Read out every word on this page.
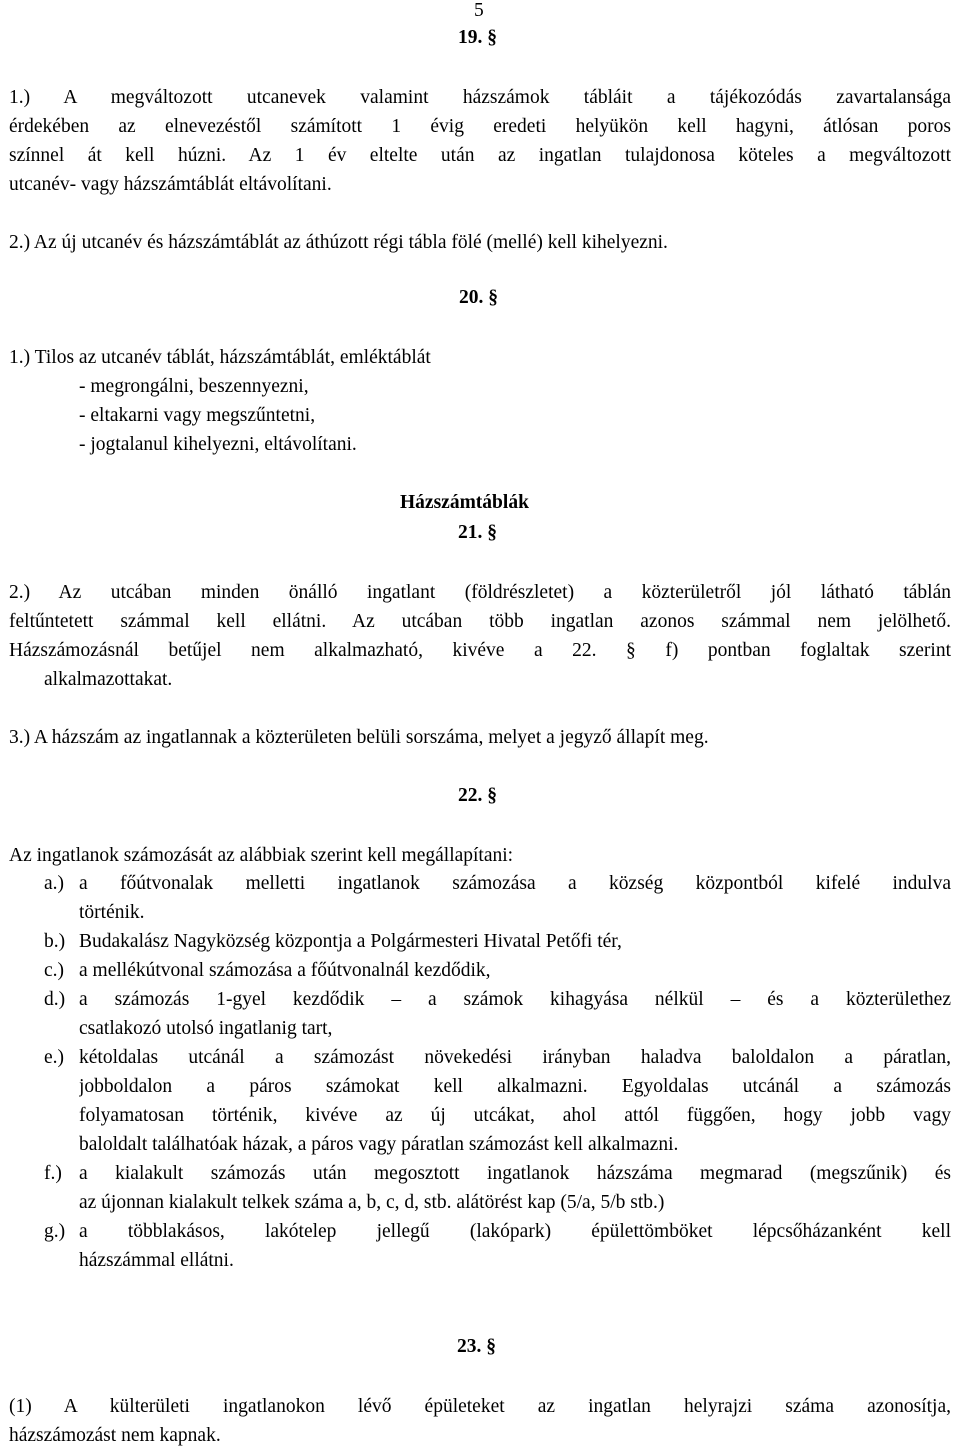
5
19. §
1.) A megváltozott utcanevek valamint házszámok tábláit a tájékozódás zavartalansága
érdekében az elnevezéstől számított 1 évig eredeti helyükön kell hagyni, átlósan poros
színnel át kell húzni. Az 1 év eltelte után az ingatlan tulajdonosa köteles a megváltozott
utcanév- vagy házszámtáblát eltávolítani.
2.) Az új utcanév és házszámtáblát az áthúzott régi tábla fölé (mellé) kell kihelyezni.
20. §
1.) Tilos az utcanév táblát, házszámtáblát, emléktáblát
- megrongálni, beszennyezni,
- eltakarni vagy megszűntetni,
- jogtalanul kihelyezni, eltávolítani.
Házszámtáblák
21. §
2.) Az utcában minden önálló ingatlant (földrészletet) a közterületről jól látható táblán
feltűntetett számmal kell ellátni. Az utcában több ingatlan azonos számmal nem jelölhető.
Házszámozásnál betűjel nem alkalmazható, kivéve a 22. § f) pontban foglaltak szerint
alkalmazottakat.
3.) A házszám az ingatlannak a közterületen belüli sorszáma, melyet a jegyző állapít meg.
22. §
Az ingatlanok számozását az alábbiak szerint kell megállapítani:
a.) a főútvonalak melletti ingatlanok számozása a község központból kifelé indulva
történik.
b.) Budakalász Nagyközség központja a Polgármesteri Hivatal Petőfi tér,
c.) a mellékútvonal számozása a főútvonalnál kezdődik,
d.) a számozás 1-gyel kezdődik – a számok kihagyása nélkül – és a közterülethez
csatlakozó utolsó ingatlanig tart,
e.) kétoldalas utcánál a számozást növekedési irányban haladva baloldalon a páratlan,
jobboldalon a páros számokat kell alkalmazni. Egyoldalas utcánál a számozás
folyamatosan történik, kivéve az új utcákat, ahol attól függően, hogy jobb vagy
baloldalt találhatóak házak, a páros vagy páratlan számozást kell alkalmazni.
f.) a kialakult számozás után megosztott ingatlanok házszáma megmarad (megszűnik) és
az újonnan kialakult telkek száma a, b, c, d, stb. alátörést kap (5/a, 5/b stb.)
g.) a többlakásos, lakótelep jellegű (lakópark) épülettömböket lépcsőházanként kell
házszámmal ellátni.
23. §
(1) A külterületi ingatlanokon lévő épületeket az ingatlan helyrajzi száma azonosítja,
házszámozást nem kapnak.
